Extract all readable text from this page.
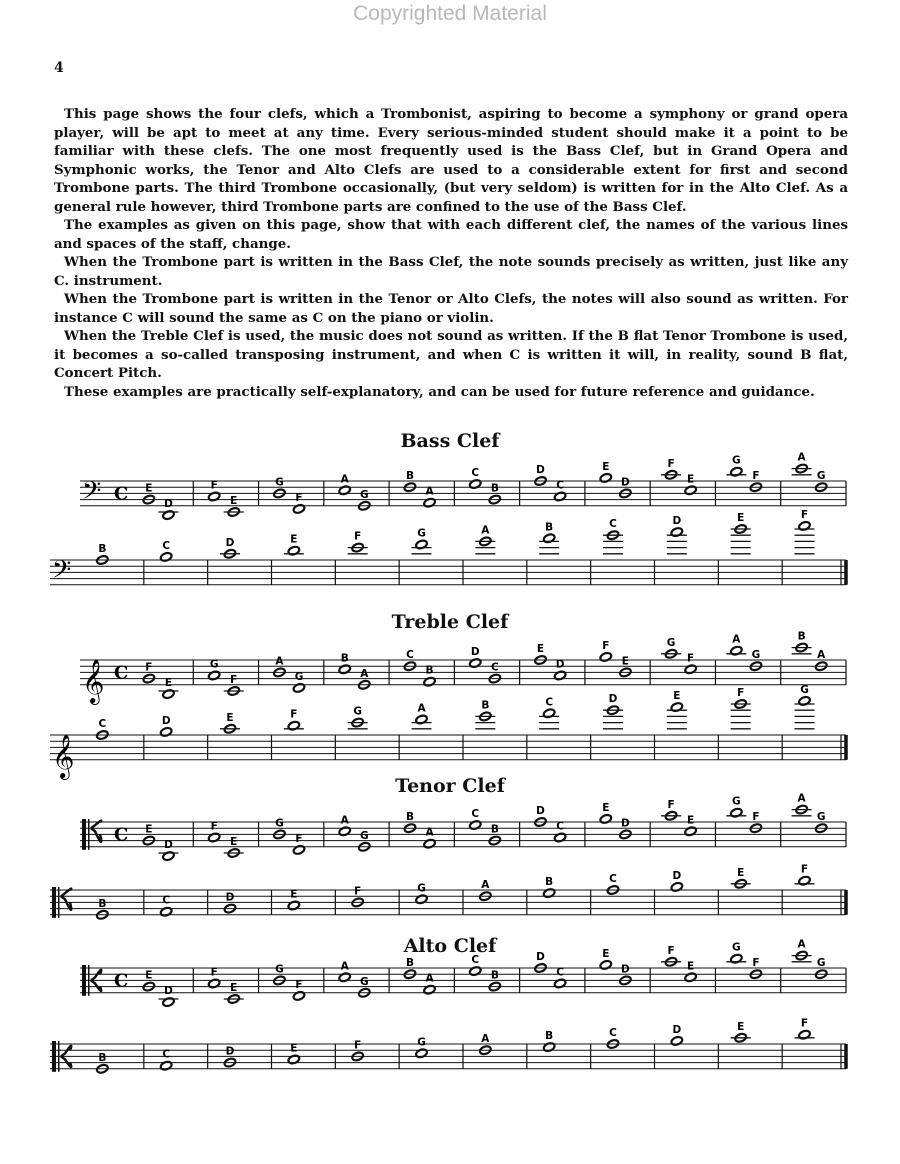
Copyrighted Material
4

This page shows the four clefs, which a Trombonist, aspiring to become a symphony or grand opera player, will be apt to meet at any time. Every serious-minded student should make it a point to be familiar with these clefs. The one most frequently used is the Bass Clef, but in Grand Opera and Symphonic works, the Tenor and Alto Clefs are used to a considerable extent for first and second Trombone parts. The third Trombone occasionally, (but very seldom) is written for in the Alto Clef. As a general rule however, third Trombone parts are confined to the use of the Bass Clef.

The examples as given on this page, show that with each different clef, the names of the various lines and spaces of the staff, change.

When the Trombone part is written in the Bass Clef, the note sounds precisely as written, just like any C. instrument.

When the Trombone part is written in the Tenor or Alto Clefs, the notes will also sound as written. For instance C will sound the same as C on the piano or violin.

When the Treble Clef is used, the music does not sound as written. If the B flat Tenor Trombone is used, it becomes a so-called transposing instrument, and when C is written it will, in reality, sound B flat, Concert Pitch.

These examples are practically self-explanatory, and can be used for future reference and guidance.

Bass Clef
Treble Clef
Tenor Clef
Alto Clef
𝄢 C E
D
F
E
G
F
A
G
B
A
C
B
D
C
E
D
F
E
G
F
A
G
𝄢
B	C	D	E	F	G	A	B	C	D	E	F
𝄞 C F
E
G
F
A
G
B
A
C
B
D
C
E
D
F
E
G
F
A
G
B
A
𝄞
C	D	E	F	G	A	B	C	D	E	F	G
C E
D
F
E
G
F
A
G
B
A
C
B
D
C
E
D
F
E
G
F
A
G
B	C	D	E	F	G	A	B	C	D	E	F
C E
D
F
E
G
F
A
G
B
A
C
B
D
C
E
D
F
E
G
F
A
G
B	C	D	E	F	G	A	B	C	D	E	F
